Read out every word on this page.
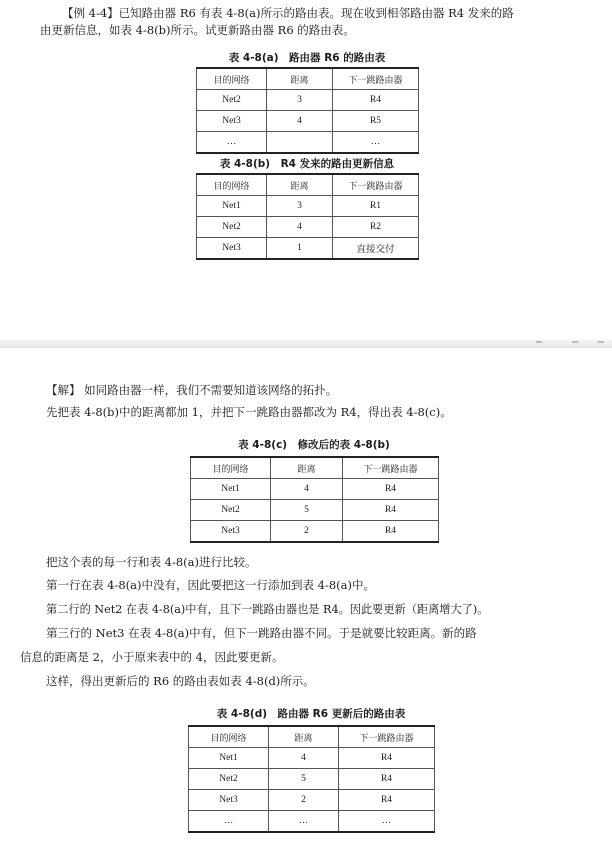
【例 4-4】已知路由器 R6 有表 4-8(a)所示的路由表。现在收到相邻路由器 R4 发来的路
由更新信息，如表 4-8(b)所示。试更新路由器 R6 的路由表。
表 4-8(a)　路由器 R6 的路由表
目的网络	距离	下一跳路由器
Net2	3	R4
Net3	4	R5
…		…
表 4-8(b)　R4 发来的路由更新信息
目的网络	距离	下一跳路由器
Net1	3	R1
Net2	4	R2
Net3	1	直接交付
【解】 如同路由器一样，我们不需要知道该网络的拓扑。
先把表 4-8(b)中的距离都加 1，并把下一跳路由器都改为 R4，得出表 4-8(c)。
表 4-8(c)　修改后的表 4-8(b)
目的网络	距离	下一跳路由器
Net1	4	R4
Net2	5	R4
Net3	2	R4
把这个表的每一行和表 4-8(a)进行比较。
第一行在表 4-8(a)中没有，因此要把这一行添加到表 4-8(a)中。
第二行的 Net2 在表 4-8(a)中有，且下一跳路由器也是 R4。因此要更新（距离增大了)。
第三行的 Net3 在表 4-8(a)中有，但下一跳路由器不同。于是就要比较距离。新的路
信息的距离是 2，小于原来表中的 4，因此要更新。
这样，得出更新后的 R6 的路由表如表 4-8(d)所示。
表 4-8(d)　路由器 R6 更新后的路由表
目的网络	距离	下一跳路由器
Net1	4	R4
Net2	5	R4
Net3	2	R4
…	…	…
